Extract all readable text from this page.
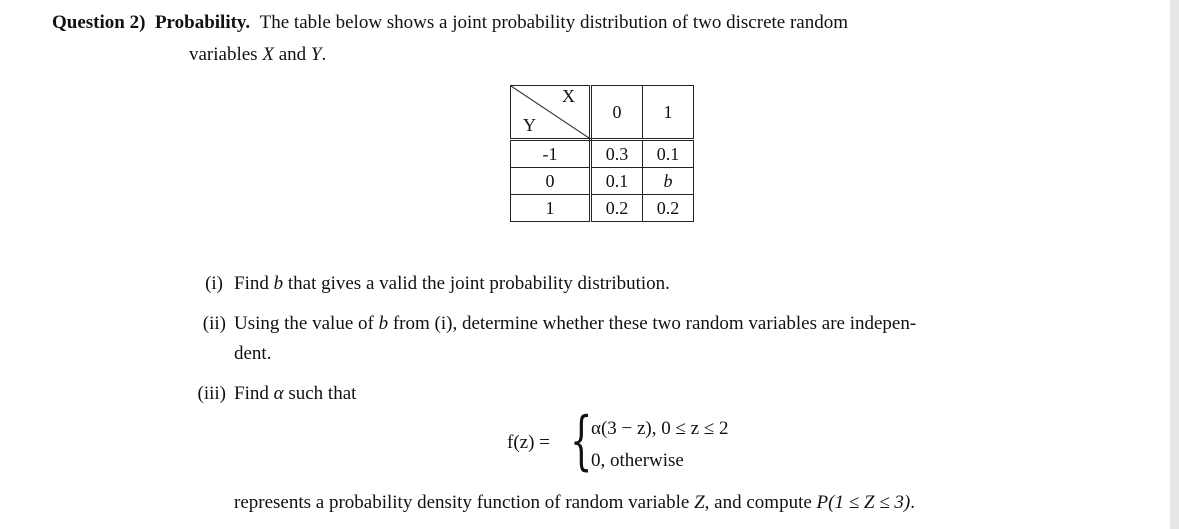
Question 2) Probability. The table below shows a joint probability distribution of two discrete random
variables X and Y.
X
Y	0	1
-1	0.3	0.1
0	0.1	b
1	0.2	0.2
(i) Find b that gives a valid the joint probability distribution.
(ii) Using the value of b from (i), determine whether these two random variables are indepen-
dent.
(iii) Find α such that
f(z) = {
α(3 − z), 0 ≤ z ≤ 2
0, otherwise
represents a probability density function of random variable Z, and compute P(1 ≤ Z ≤ 3).
